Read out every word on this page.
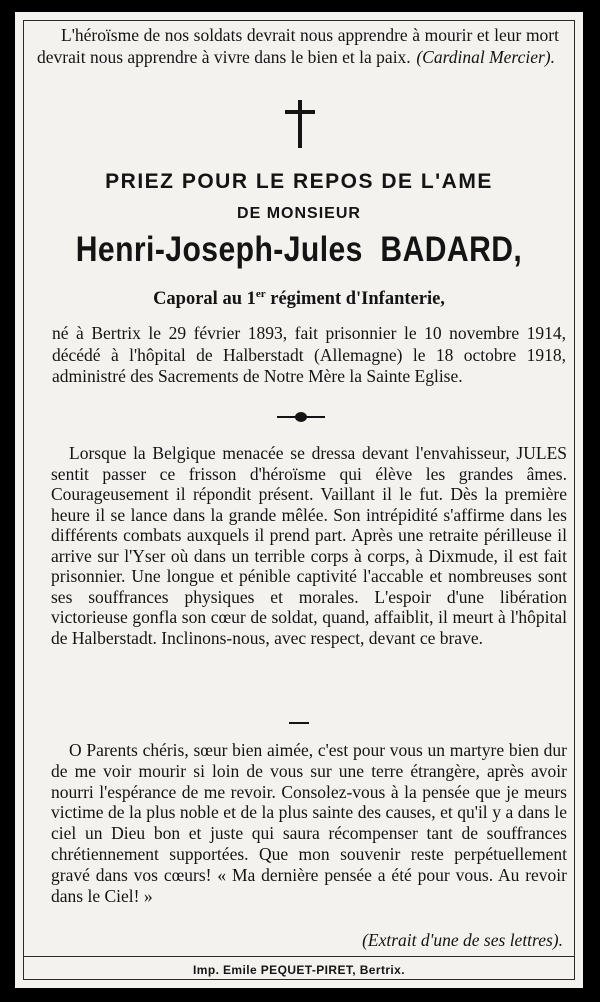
L'héroïsme de nos soldats devrait nous apprendre à mourir et leur mort devrait nous apprendre à vivre dans le bien et la paix. (Cardinal Mercier).
PRIEZ POUR LE REPOS DE L'AME
DE MONSIEUR
Henri-Joseph-Jules  BADARD,
Caporal au 1er régiment d'Infanterie,
né à Bertrix le 29 février 1893, fait prisonnier le 10 novembre 1914, décédé à l'hôpital de Halberstadt (Allemagne) le 18 octobre 1918, administré des Sacrements de Notre Mère la Sainte Eglise.
Lorsque la Belgique menacée se dressa devant l'envahisseur, JULES sentit passer ce frisson d'héroïsme qui élève les grandes âmes. Courageusement il répondit présent. Vaillant il le fut. Dès la première heure il se lance dans la grande mêlée. Son intrépidité s'affirme dans les différents combats auxquels il prend part. Après une retraite périlleuse il arrive sur l'Yser où dans un terrible corps à corps, à Dixmude, il est fait prisonnier. Une longue et pénible captivité l'accable et nombreuses sont ses souffrances physiques et morales. L'espoir d'une libération victorieuse gonfla son cœur de soldat, quand, affaiblit, il meurt à l'hôpital de Halberstadt. Inclinons-nous, avec respect, devant ce brave.
O Parents chéris, sœur bien aimée, c'est pour vous un martyre bien dur de me voir mourir si loin de vous sur une terre étrangère, après avoir nourri l'espérance de me revoir. Consolez-vous à la pensée que je meurs victime de la plus noble et de la plus sainte des causes, et qu'il y a dans le ciel un Dieu bon et juste qui saura récompenser tant de souffrances chrétiennement supportées. Que mon souvenir reste perpétuellement gravé dans vos cœurs! « Ma dernière pensée a été pour vous. Au revoir dans le Ciel! »
(Extrait d'une de ses lettres).
Imp. Emile PEQUET-PIRET, Bertrix.
